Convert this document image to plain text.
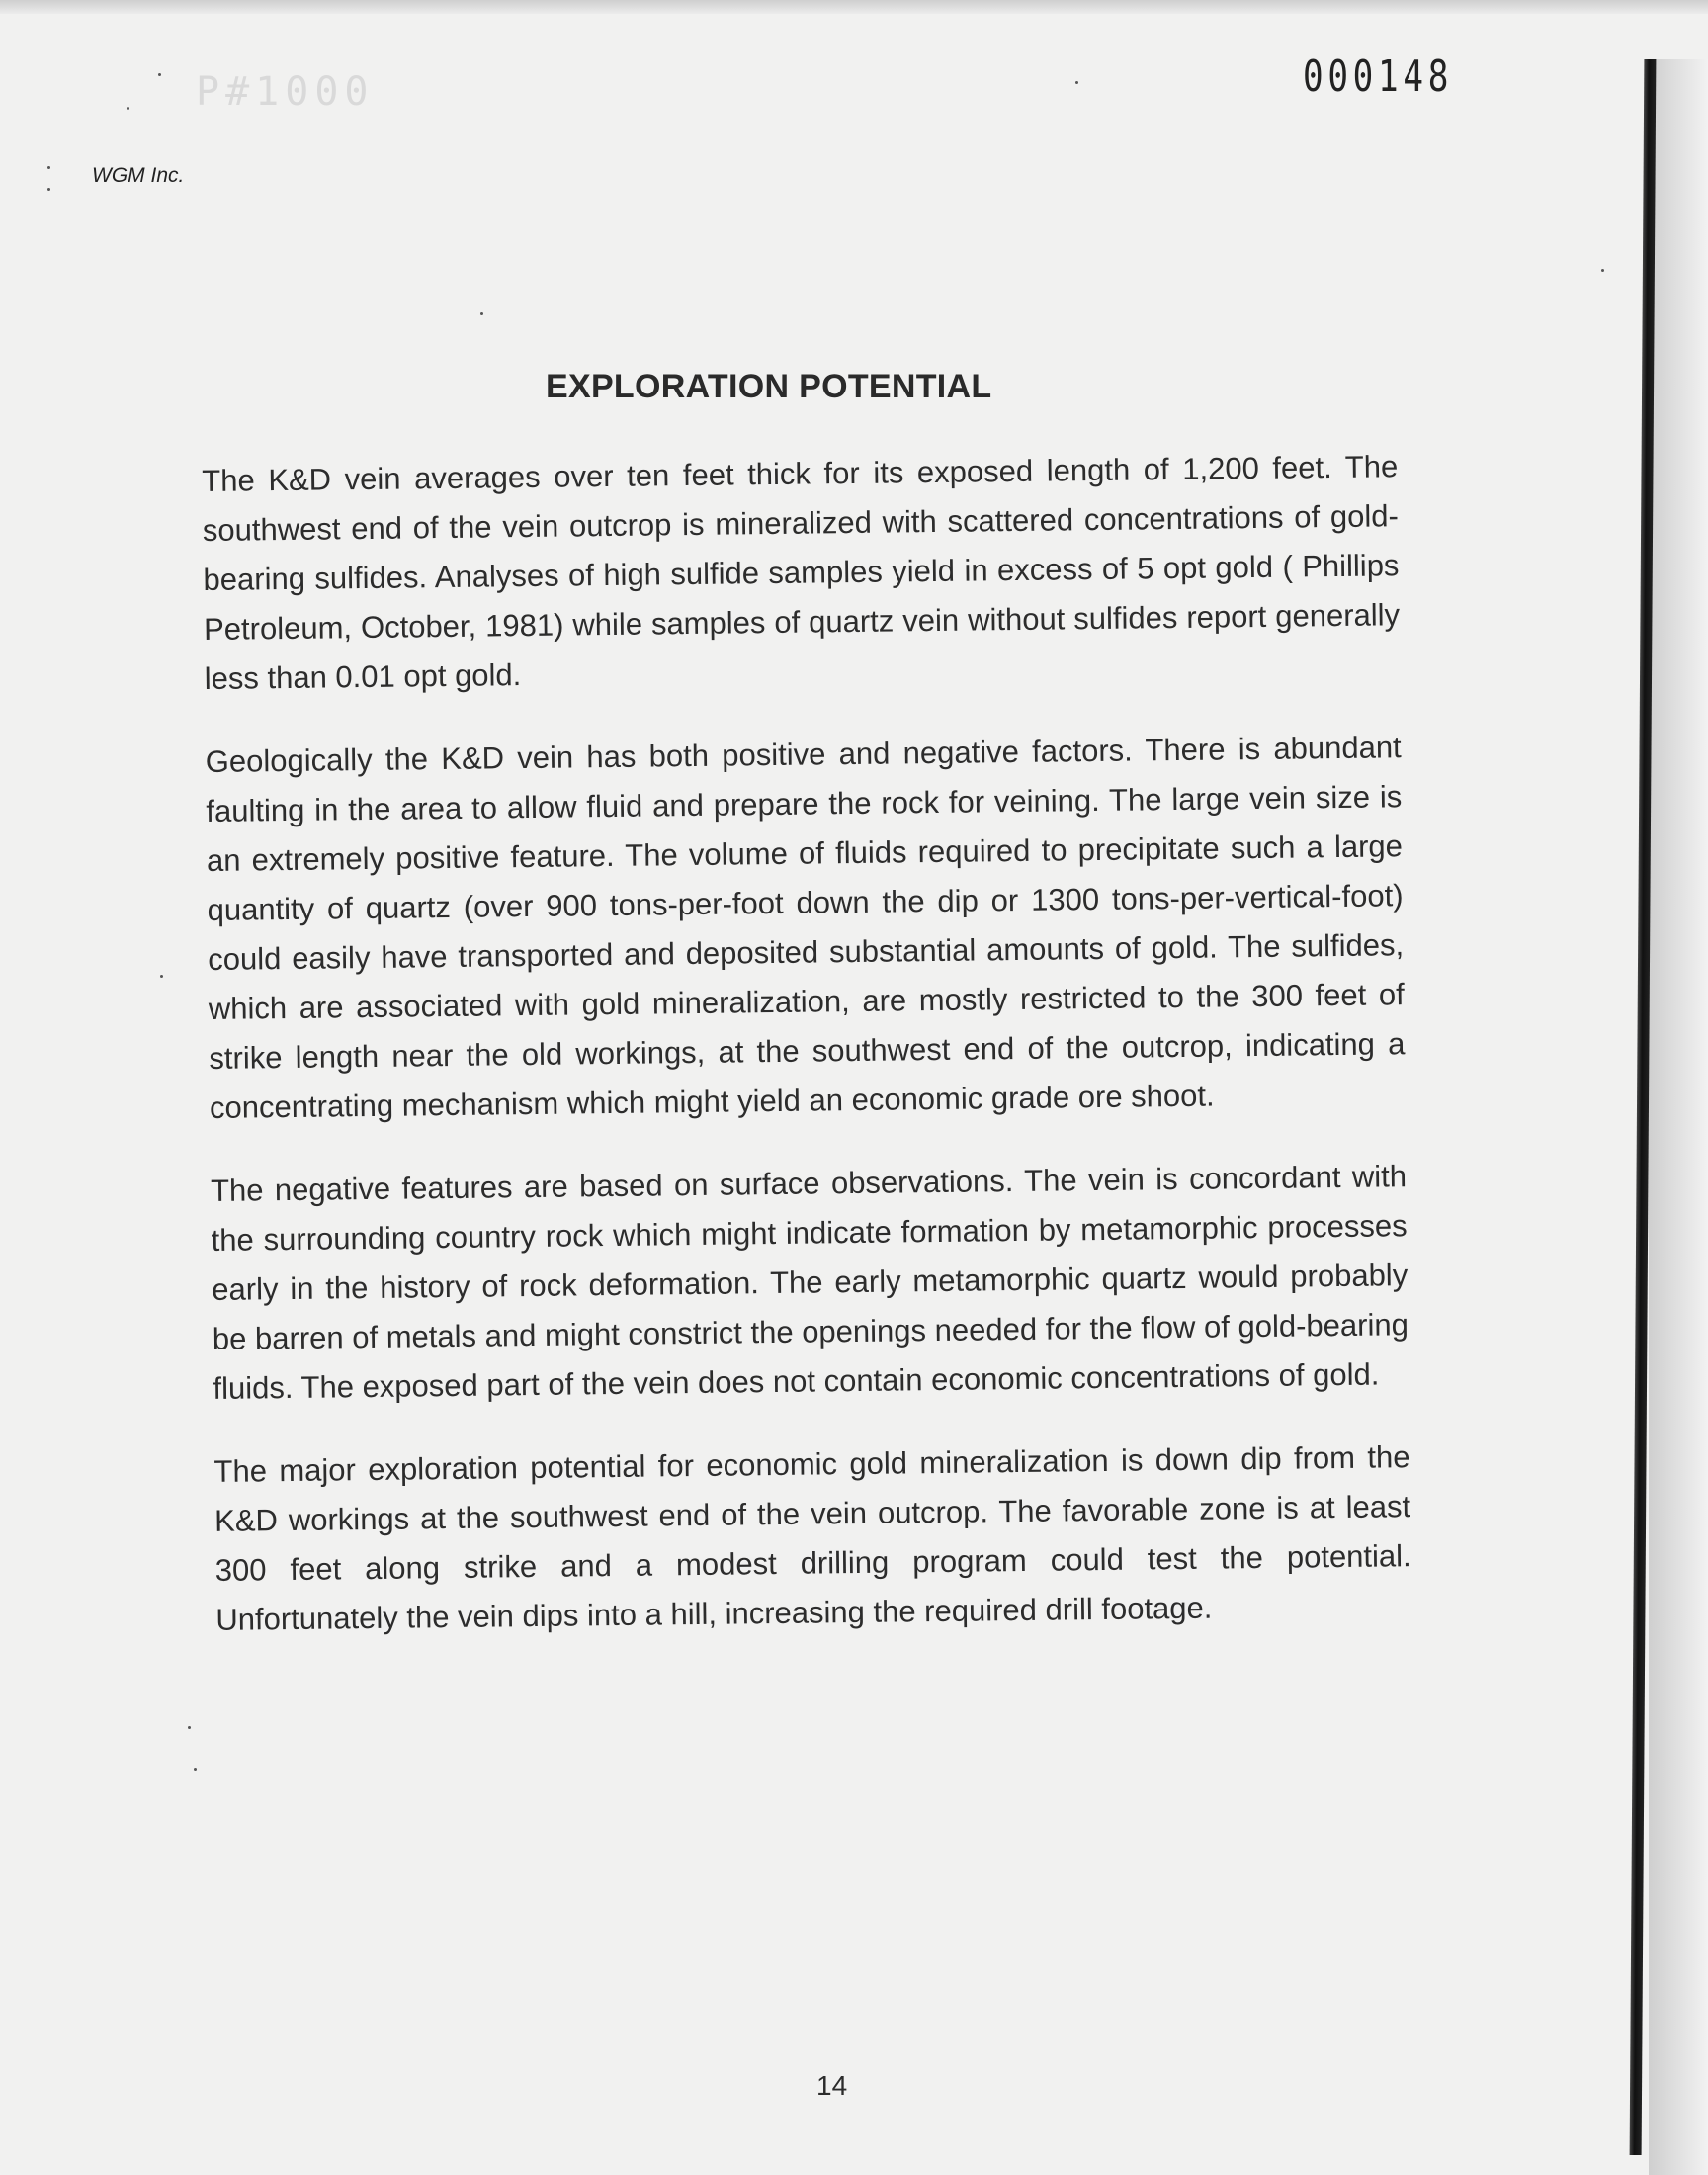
P#1000	000148
WGM Inc.
EXPLORATION POTENTIAL

The K&D vein averages over ten feet thick for its exposed length of 1,200 feet. The southwest end of the vein outcrop is mineralized with scattered concentrations of gold-bearing sulfides. Analyses of high sulfide samples yield in excess of 5 opt gold ( Phillips Petroleum, October, 1981) while samples of quartz vein without sulfides report generally less than 0.01 opt gold.

Geologically the K&D vein has both positive and negative factors. There is abundant faulting in the area to allow fluid and prepare the rock for veining. The large vein size is an extremely positive feature. The volume of fluids required to precipitate such a large quantity of quartz (over 900 tons-per-foot down the dip or 1300 tons-per-vertical-foot) could easily have transported and deposited substantial amounts of gold. The sulfides, which are associated with gold mineralization, are mostly restricted to the 300 feet of strike length near the old workings, at the southwest end of the outcrop, indicating a concentrating mechanism which might yield an economic grade ore shoot.

The negative features are based on surface observations. The vein is concordant with the surrounding country rock which might indicate formation by metamorphic processes early in the history of rock deformation. The early metamorphic quartz would probably be barren of metals and might constrict the openings needed for the flow of gold-bearing fluids. The exposed part of the vein does not contain economic concentrations of gold.

The major exploration potential for economic gold mineralization is down dip from the K&D workings at the southwest end of the vein outcrop. The favorable zone is at least 300 feet along strike and a modest drilling program could test the potential. Unfortunately the vein dips into a hill, increasing the required drill footage.

14
